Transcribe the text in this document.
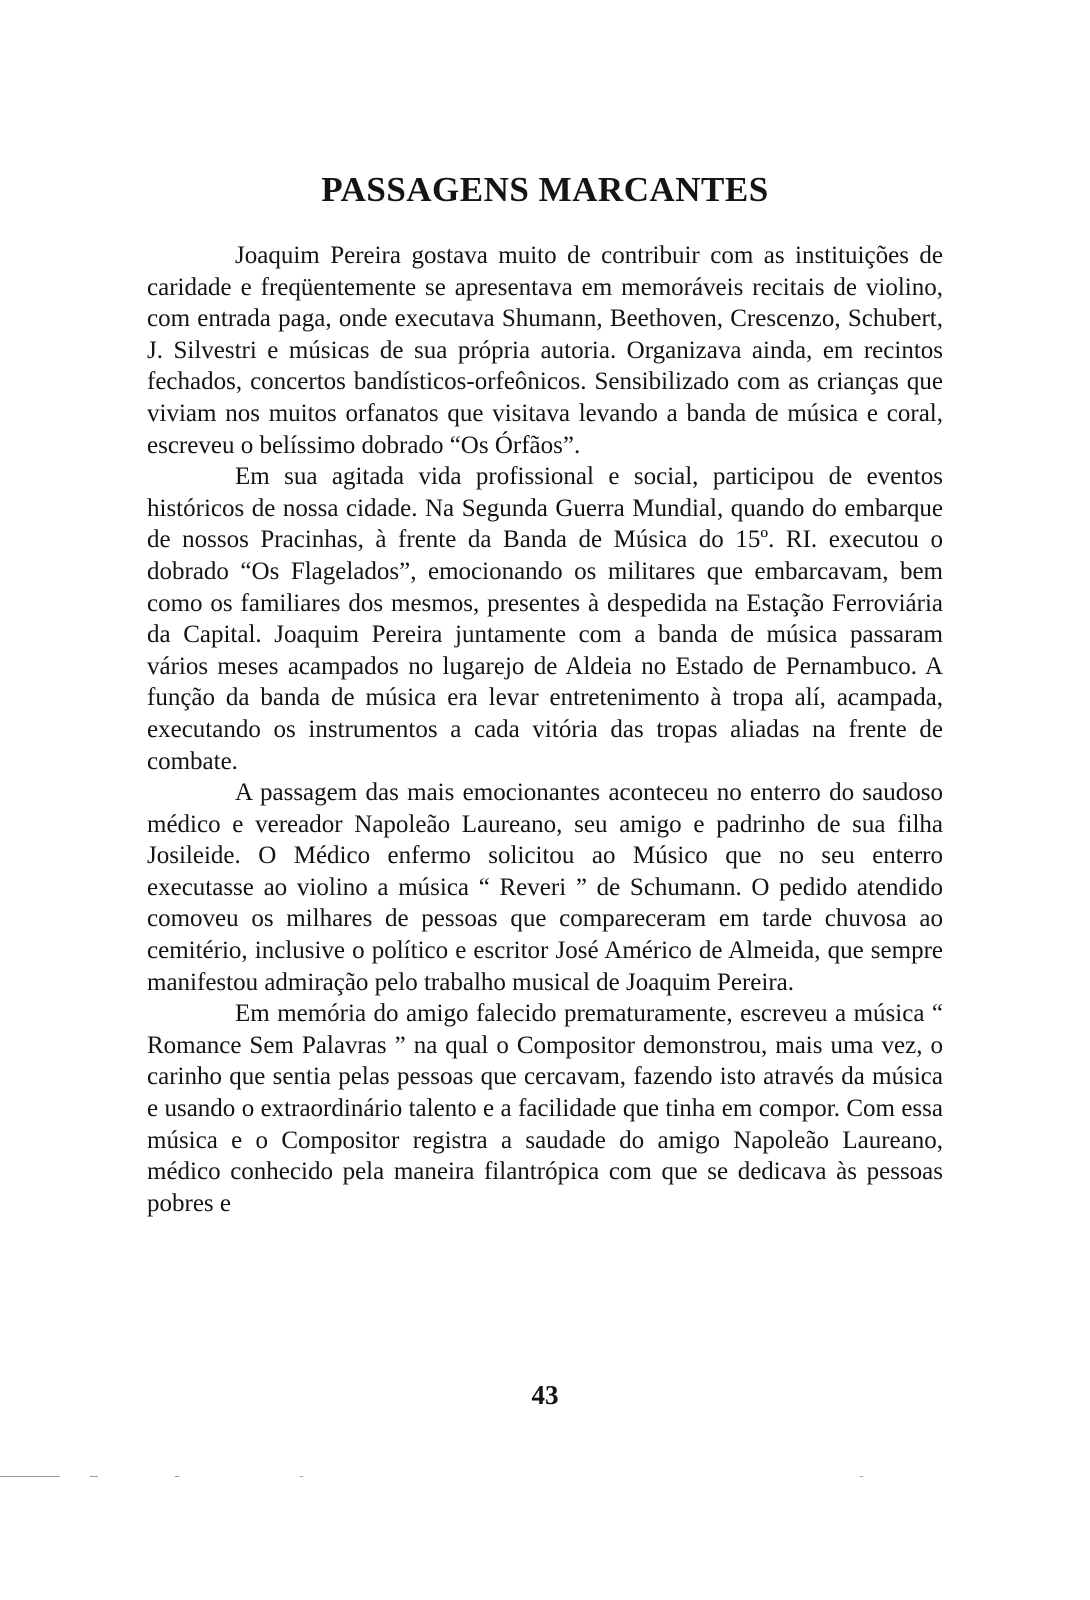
PASSAGENS MARCANTES

Joaquim Pereira gostava muito de contribuir com as instituições de caridade e freqüentemente se apresentava em memoráveis recitais de violino, com entrada paga, onde executava Shumann, Beethoven, Crescenzo, Schubert, J. Silvestri e músicas de sua própria autoria. Organizava ainda, em recintos fechados, concertos bandísticos-orfeônicos. Sensibilizado com as crianças que viviam nos muitos orfanatos que visitava levando a banda de música e coral, escreveu o belíssimo dobrado “Os Órfãos”.

Em sua agitada vida profissional e social, participou de eventos históricos de nossa cidade. Na Segunda Guerra Mundial, quando do embarque de nossos Pracinhas, à frente da Banda de Música do 15º. RI. executou o dobrado “Os Flagelados”, emocionando os militares que embarcavam, bem como os familiares dos mesmos, presentes à despedida na Estação Ferroviária da Capital. Joaquim Pereira juntamente com a banda de música passaram vários meses acampados no lugarejo de Aldeia no Estado de Pernambuco. A função da banda de música era levar entretenimento à tropa alí, acampada, executando os instrumentos a cada vitória das tropas aliadas na frente de combate.

A passagem das mais emocionantes aconteceu no enterro do saudoso médico e vereador Napoleão Laureano, seu amigo e padrinho de sua filha Josileide. O Médico enfermo solicitou ao Músico que no seu enterro executasse ao violino a música “ Reveri ” de Schumann. O pedido atendido comoveu os milhares de pessoas que compareceram em tarde chuvosa ao cemitério, inclusive o político e escritor José Américo de Almeida, que sempre manifestou admiração pelo trabalho musical de Joaquim Pereira.

Em memória do amigo falecido prematuramente, escreveu a música “ Romance Sem Palavras ” na qual o Compositor demonstrou, mais uma vez, o carinho que sentia pelas pessoas que cercavam, fazendo isto através da música e usando o extraordinário talento e a facilidade que tinha em compor. Com essa música e o Compositor registra a saudade do amigo Napoleão Laureano, médico conhecido pela maneira filantrópica com que se dedicava às pessoas pobres e

43
